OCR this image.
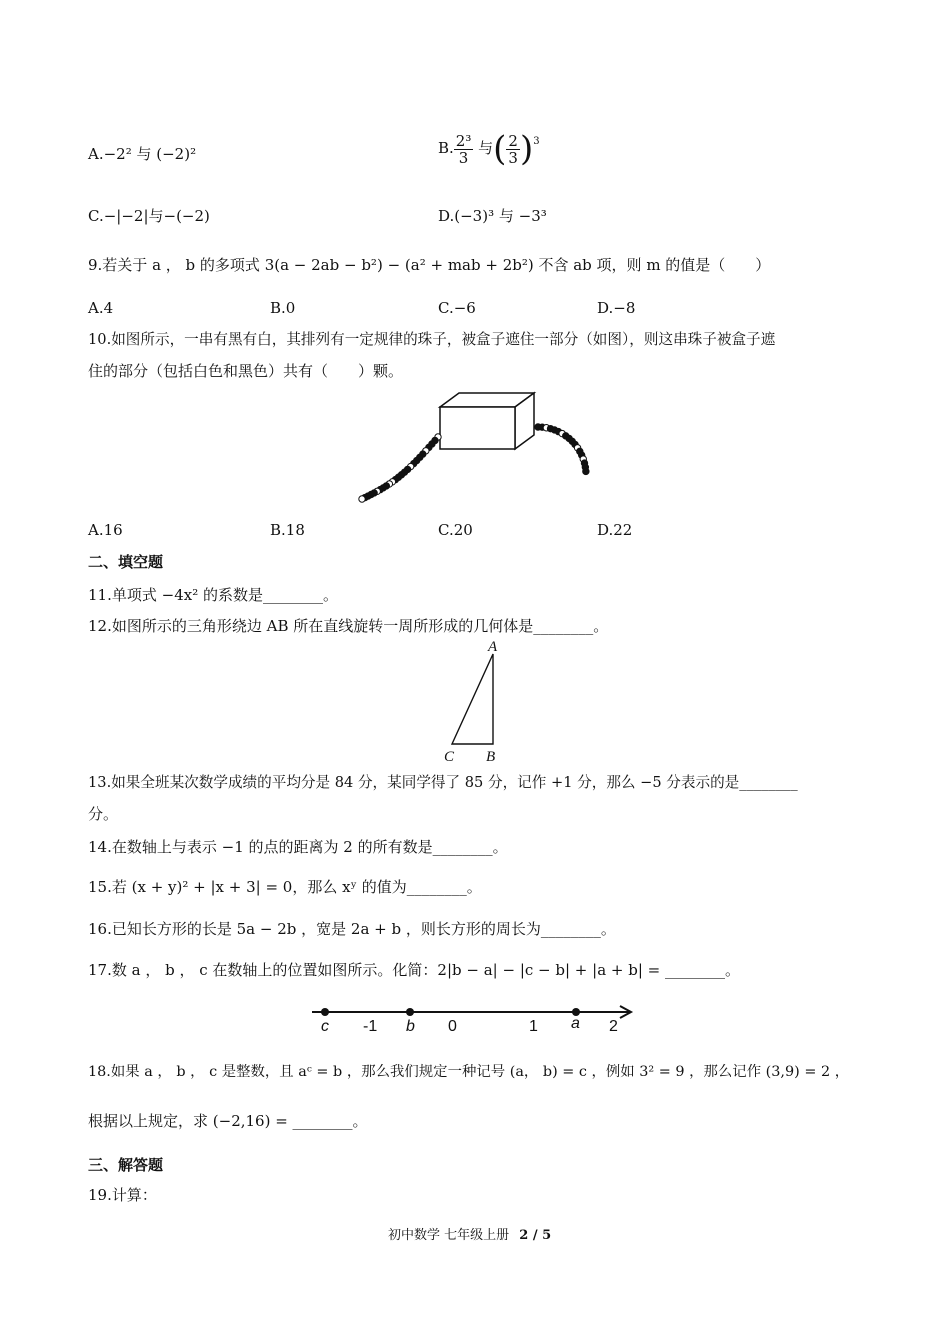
A.−2² 与 (−2)²	B. $\frac{\text{2³}}{3}$ 与( $\frac{2}{3} )^3$
C.−|−2|与−(−2)	D.(−3)³ 与 −3³
9.若关于 a ， b 的多项式 3(a − 2ab − b²) − (a² + mab + 2b²) 不含 ab 项，则 m 的值是（　　）
A.4	B.0	C.−6	D.−8
10.如图所示，一串有黑有白，其排列有一定规律的珠子，被盒子遮住一部分（如图），则这串珠子被盒子遮
住的部分（包括白色和黑色）共有（　　）颗。
A.16	B.18	C.20	D.22
二、填空题
11.单项式 −4x² 的系数是________。
12.如图所示的三角形绕边 AB 所在直线旋转一周所形成的几何体是________。
A
C B
13.如果全班某次数学成绩的平均分是 84 分，某同学得了 85 分，记作 +1 分，那么 −5 分表示的是________
分。
14.在数轴上与表示 −1 的点的距离为 2 的所有数是________。
15.若 (x + y)² + |x + 3| = 0，那么 xʸ 的值为________。
16.已知长方形的长是 5a − 2b ，宽是 2a + b ，则长方形的周长为________。
17.数 a ， b ， c 在数轴上的位置如图所示。化简：2|b − a| − |c − b| + |a + b| = ________。
c -1 b 0	1 a 2
18.如果 a ， b ， c 是整数，且 aᶜ = b ，那么我们规定一种记号 (a， b) = c ，例如 3² = 9 ，那么记作 (3,9) = 2 ，
根据以上规定，求 (−2,16) = ________。
三、解答题
19.计算：
初中数学 七年级上册 2 / 5
